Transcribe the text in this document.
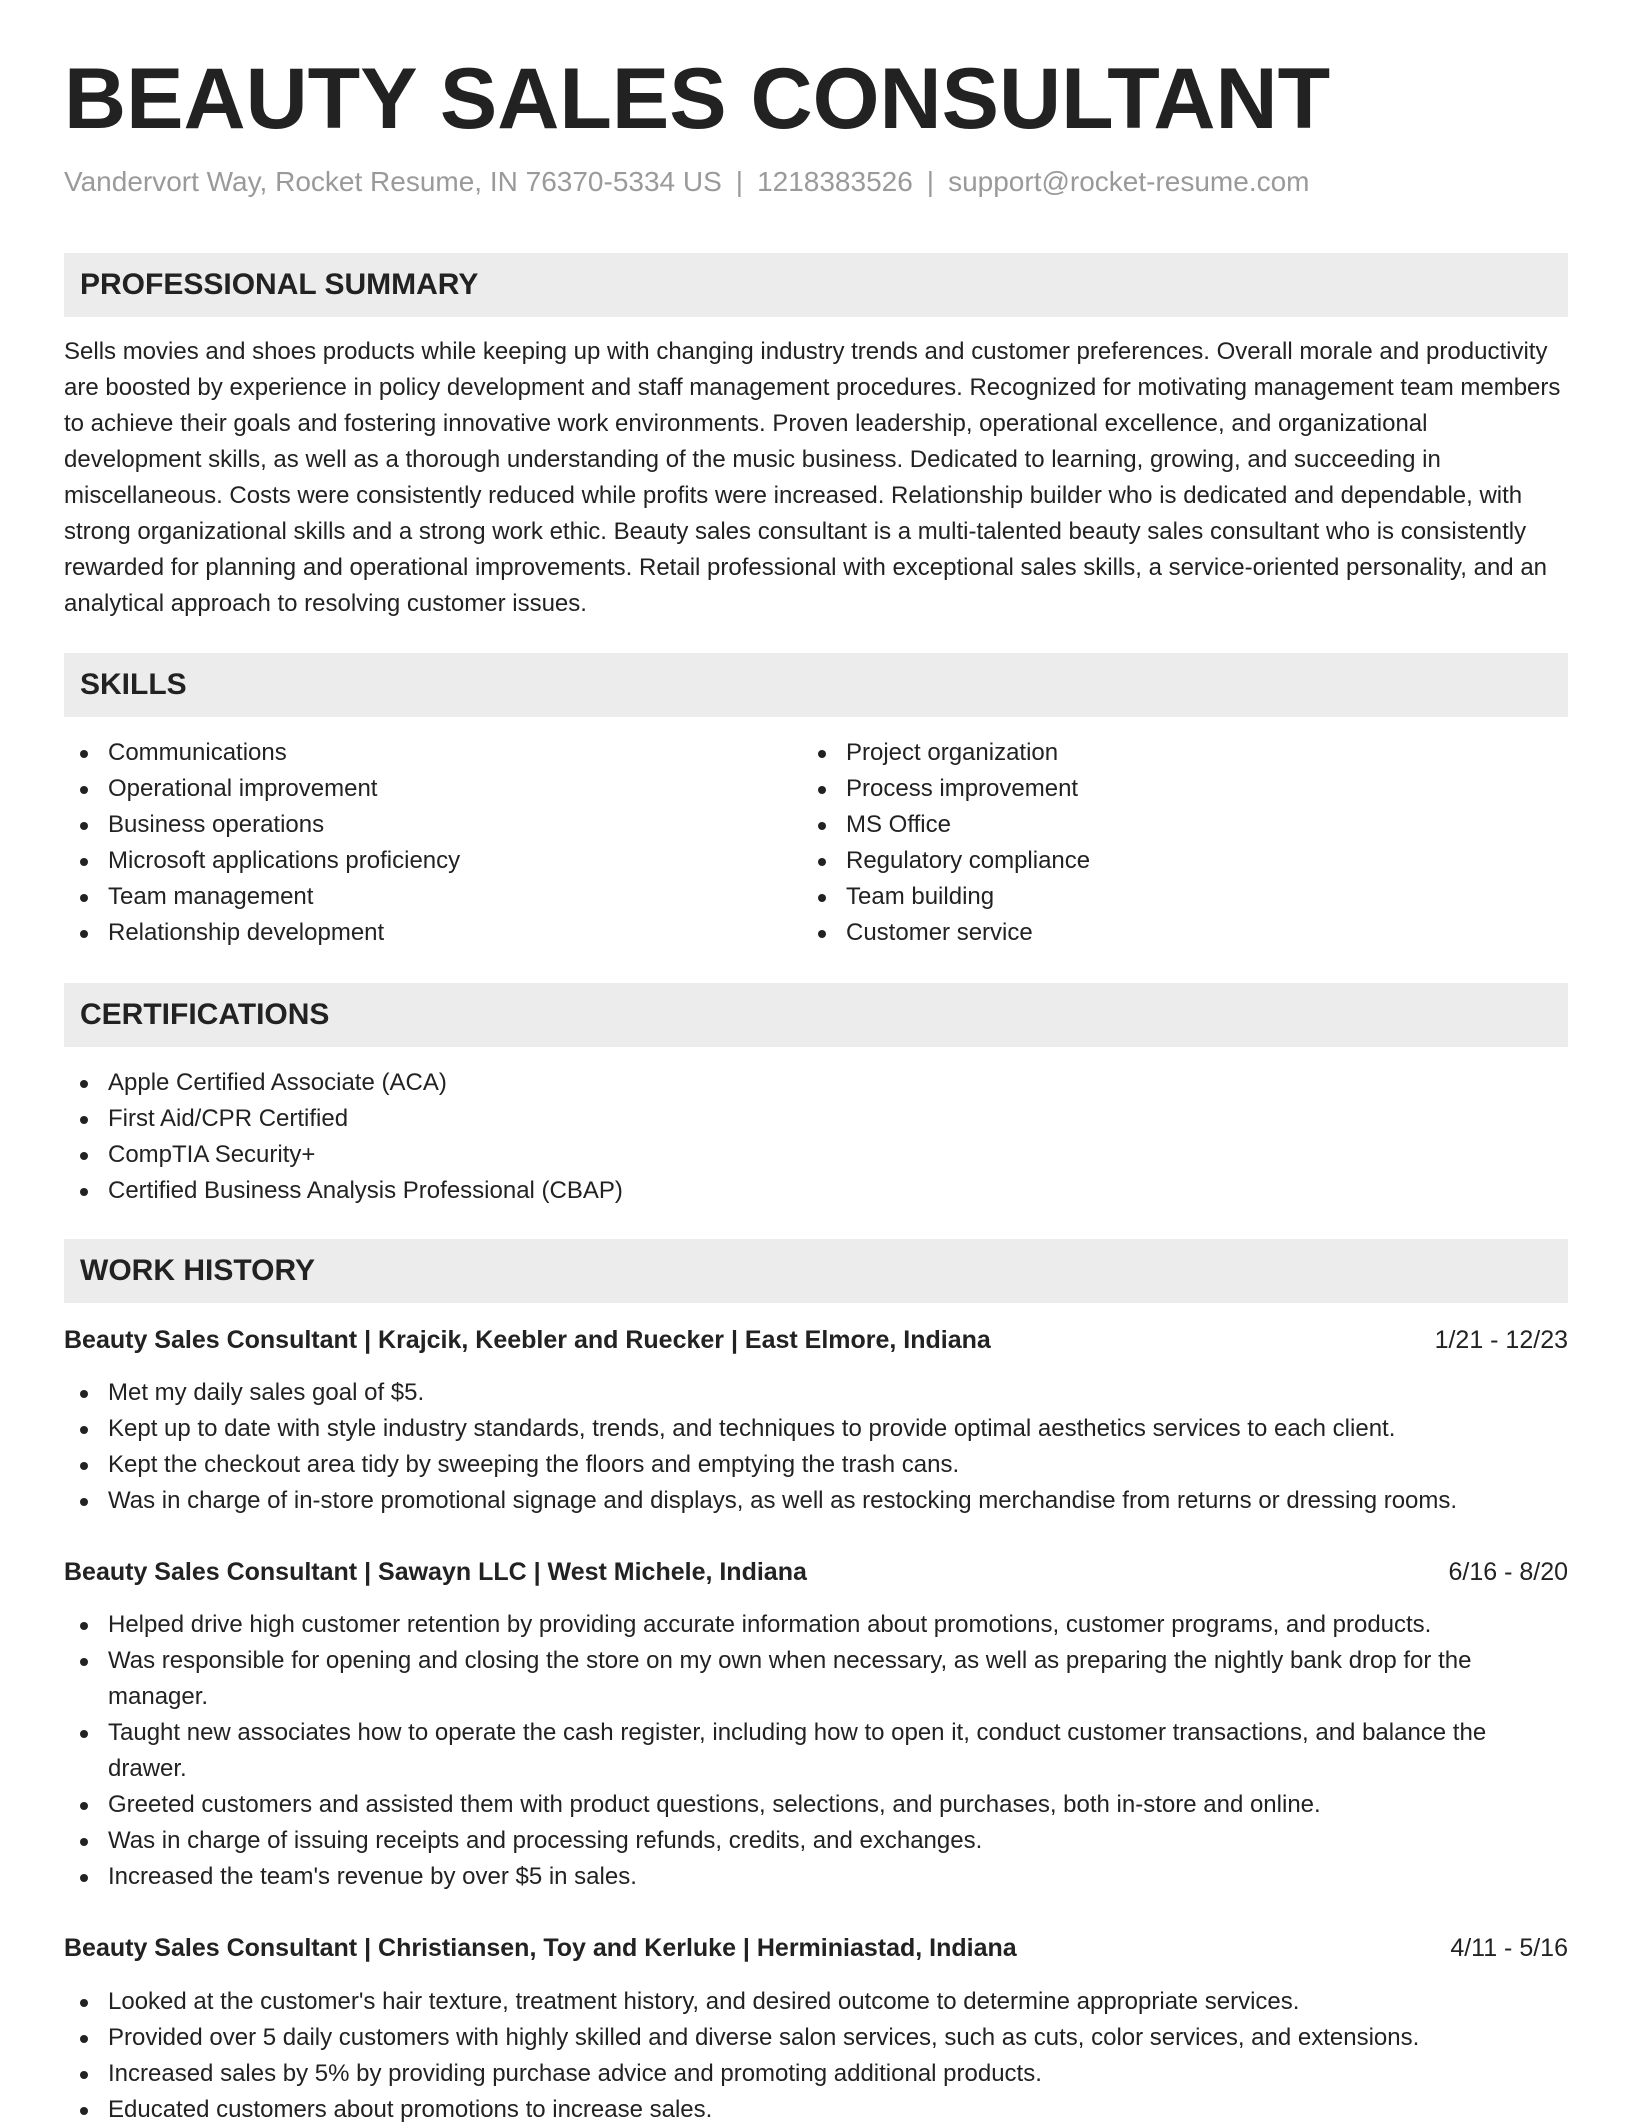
BEAUTY SALES CONSULTANT
Vandervort Way, Rocket Resume, IN 76370-5334 US | 1218383526 | support@rocket-resume.com
PROFESSIONAL SUMMARY

Sells movies and shoes products while keeping up with changing industry trends and customer preferences. Overall morale and productivity are boosted by experience in policy development and staff management procedures. Recognized for motivating management team members to achieve their goals and fostering innovative work environments. Proven leadership, operational excellence, and organizational development skills, as well as a thorough understanding of the music business. Dedicated to learning, growing, and succeeding in miscellaneous. Costs were consistently reduced while profits were increased. Relationship builder who is dedicated and dependable, with strong organizational skills and a strong work ethic. Beauty sales consultant is a multi-talented beauty sales consultant who is consistently rewarded for planning and operational improvements. Retail professional with exceptional sales skills, a service-oriented personality, and an analytical approach to resolving customer issues.

SKILLS
Communications
Operational improvement
Business operations
Microsoft applications proficiency
Team management
Relationship development
Project organization
Process improvement
MS Office
Regulatory compliance
Team building
Customer service
CERTIFICATIONS
Apple Certified Associate (ACA)
First Aid/CPR Certified
CompTIA Security+
Certified Business Analysis Professional (CBAP)
WORK HISTORY
Beauty Sales Consultant | Krajcik, Keebler and Ruecker | East Elmore, Indiana	1/21 - 12/23
Met my daily sales goal of $5.
Kept up to date with style industry standards, trends, and techniques to provide optimal aesthetics services to each client.
Kept the checkout area tidy by sweeping the floors and emptying the trash cans.
Was in charge of in-store promotional signage and displays, as well as restocking merchandise from returns or dressing rooms.
Beauty Sales Consultant | Sawayn LLC | West Michele, Indiana	6/16 - 8/20
Helped drive high customer retention by providing accurate information about promotions, customer programs, and products.
Was responsible for opening and closing the store on my own when necessary, as well as preparing the nightly bank drop for the manager.
Taught new associates how to operate the cash register, including how to open it, conduct customer transactions, and balance the drawer.
Greeted customers and assisted them with product questions, selections, and purchases, both in-store and online.
Was in charge of issuing receipts and processing refunds, credits, and exchanges.
Increased the team's revenue by over $5 in sales.
Beauty Sales Consultant | Christiansen, Toy and Kerluke | Herminiastad, Indiana	4/11 - 5/16
Looked at the customer's hair texture, treatment history, and desired outcome to determine appropriate services.
Provided over 5 daily customers with highly skilled and diverse salon services, such as cuts, color services, and extensions.
Increased sales by 5% by providing purchase advice and promoting additional products.
Educated customers about promotions to increase sales.
